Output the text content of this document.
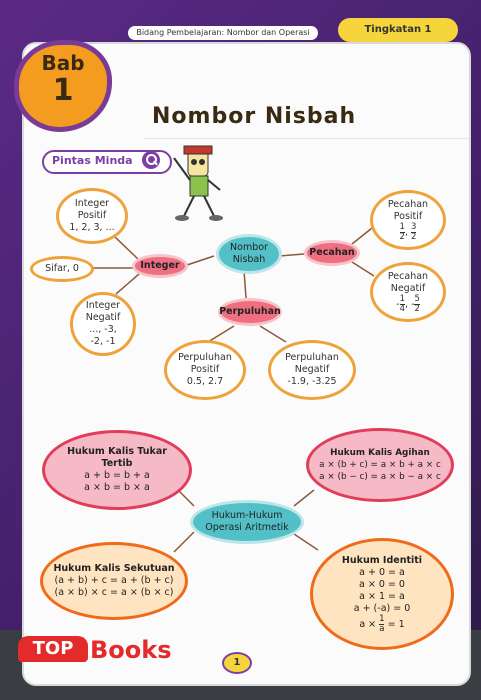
Nombor Nisbah
Pintas Minda
Nombor Nisbah
Integer
Integer
Positif
1, 2, 3, ...
Sifar, 0
Integer
Negatif
..., -3,
-2, -1
Pecahan
Pecahan
Positif
$\frac{1}{2}$ , $\frac{3}{2}$
Pecahan
Negatif
- $\frac{1}{4}$ , - $\frac{5}{2}$
Perpuluhan
Perpuluhan
Positif
0.5, 2.7
Perpuluhan
Negatif
-1.9, -3.25
Hukum-Hukum
Operasi Aritmetik
Hukum Kalis Tukar
Tertib
a + b = b + a
a × b = b × a
Hukum Kalis Agihan
a × (b + c) = a × b + a × c
a × (b − c) = a × b − a × c
Hukum Kalis Sekutuan
(a + b) + c = a + (b + c)
(a × b) × c = a × (b × c)
Hukum Identiti
a + 0 = a
a × 0 = 0
a × 1 = a
a + (-a) = 0
$a \times \frac{1}{a} = 1$
1
Bidang Pembelajaran: Nombor dan Operasi	Tingkatan 1
Bab
1
TOP Books
